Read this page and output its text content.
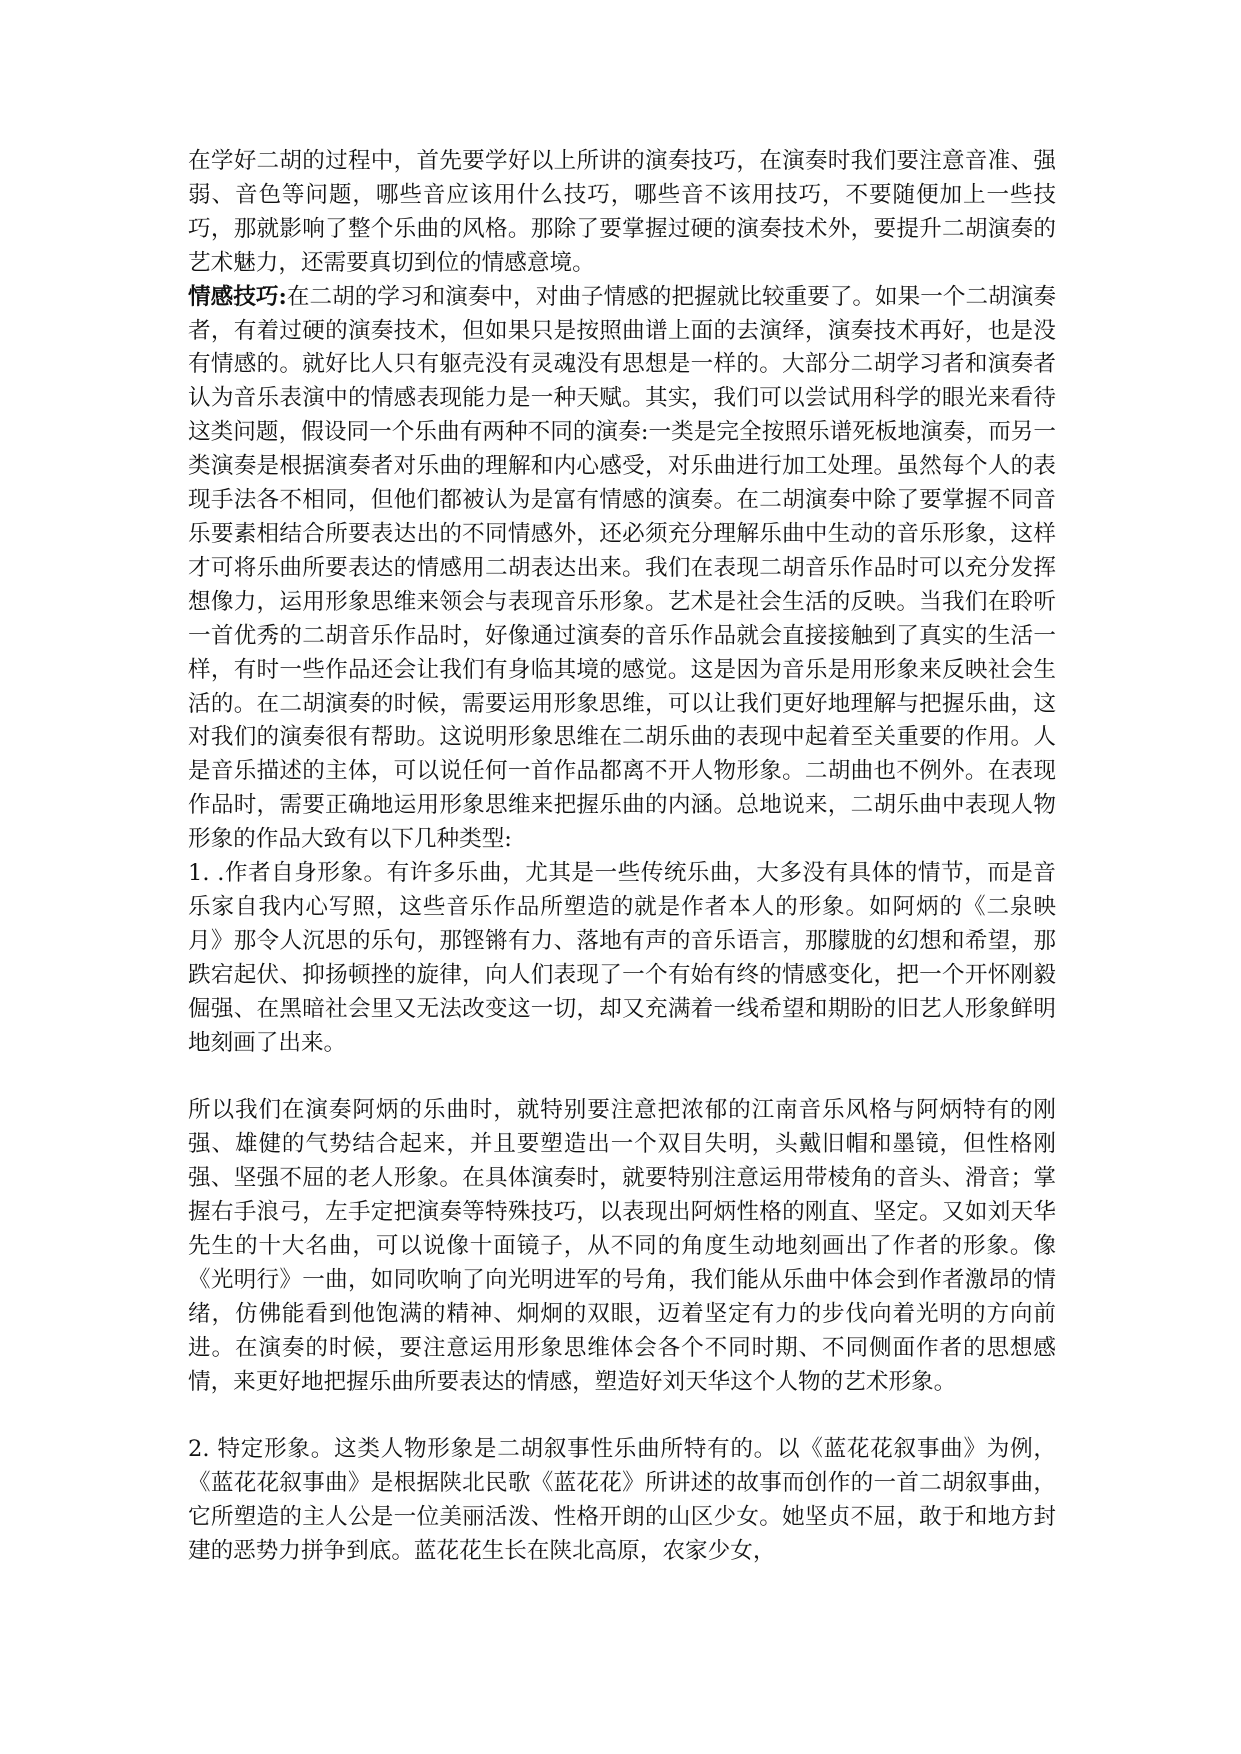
在学好二胡的过程中，首先要学好以上所讲的演奏技巧，在演奏时我们要注意音准、强弱、音色等问题，哪些音应该用什么技巧，哪些音不该用技巧，不要随便加上一些技巧，那就影响了整个乐曲的风格。那除了要掌握过硬的演奏技术外，要提升二胡演奏的艺术魅力，还需要真切到位的情感意境。

情感技巧:在二胡的学习和演奏中，对曲子情感的把握就比较重要了。如果一个二胡演奏者，有着过硬的演奏技术，但如果只是按照曲谱上面的去演绎，演奏技术再好，也是没有情感的。就好比人只有躯壳没有灵魂没有思想是一样的。大部分二胡学习者和演奏者认为音乐表演中的情感表现能力是一种天赋。其实，我们可以尝试用科学的眼光来看待这类问题，假设同一个乐曲有两种不同的演奏:一类是完全按照乐谱死板地演奏，而另一类演奏是根据演奏者对乐曲的理解和内心感受，对乐曲进行加工处理。虽然每个人的表现手法各不相同，但他们都被认为是富有情感的演奏。在二胡演奏中除了要掌握不同音乐要素相结合所要表达出的不同情感外，还必须充分理解乐曲中生动的音乐形象，这样才可将乐曲所要表达的情感用二胡表达出来。我们在表现二胡音乐作品时可以充分发挥想像力，运用形象思维来领会与表现音乐形象。艺术是社会生活的反映。当我们在聆听一首优秀的二胡音乐作品时，好像通过演奏的音乐作品就会直接接触到了真实的生活一样，有时一些作品还会让我们有身临其境的感觉。这是因为音乐是用形象来反映社会生活的。在二胡演奏的时候，需要运用形象思维，可以让我们更好地理解与把握乐曲，这对我们的演奏很有帮助。这说明形象思维在二胡乐曲的表现中起着至关重要的作用。人是音乐描述的主体，可以说任何一首作品都离不开人物形象。二胡曲也不例外。在表现作品时，需要正确地运用形象思维来把握乐曲的内涵。总地说来，二胡乐曲中表现人物形象的作品大致有以下几种类型:

1. .作者自身形象。有许多乐曲，尤其是一些传统乐曲，大多没有具体的情节，而是音乐家自我内心写照，这些音乐作品所塑造的就是作者本人的形象。如阿炳的《二泉映月》那令人沉思的乐句，那铿锵有力、落地有声的音乐语言，那朦胧的幻想和希望，那跌宕起伏、抑扬顿挫的旋律，向人们表现了一个有始有终的情感变化，把一个开怀刚毅倔强、在黑暗社会里又无法改变这一切，却又充满着一线希望和期盼的旧艺人形象鲜明地刻画了出来。

所以我们在演奏阿炳的乐曲时，就特别要注意把浓郁的江南音乐风格与阿炳特有的刚强、雄健的气势结合起来，并且要塑造出一个双目失明，头戴旧帽和墨镜，但性格刚强、坚强不屈的老人形象。在具体演奏时，就要特别注意运用带棱角的音头、滑音；掌握右手浪弓，左手定把演奏等特殊技巧，以表现出阿炳性格的刚直、坚定。又如刘天华先生的十大名曲，可以说像十面镜子，从不同的角度生动地刻画出了作者的形象。像《光明行》一曲，如同吹响了向光明进军的号角，我们能从乐曲中体会到作者激昂的情绪，仿佛能看到他饱满的精神、炯炯的双眼，迈着坚定有力的步伐向着光明的方向前进。在演奏的时候，要注意运用形象思维体会各个不同时期、不同侧面作者的思想感情，来更好地把握乐曲所要表达的情感，塑造好刘天华这个人物的艺术形象。

2. 特定形象。这类人物形象是二胡叙事性乐曲所特有的。以《蓝花花叙事曲》为例，《蓝花花叙事曲》是根据陕北民歌《蓝花花》所讲述的故事而创作的一首二胡叙事曲，它所塑造的主人公是一位美丽活泼、性格开朗的山区少女。她坚贞不屈，敢于和地方封建的恶势力拼争到底。蓝花花生长在陕北高原，农家少女，
